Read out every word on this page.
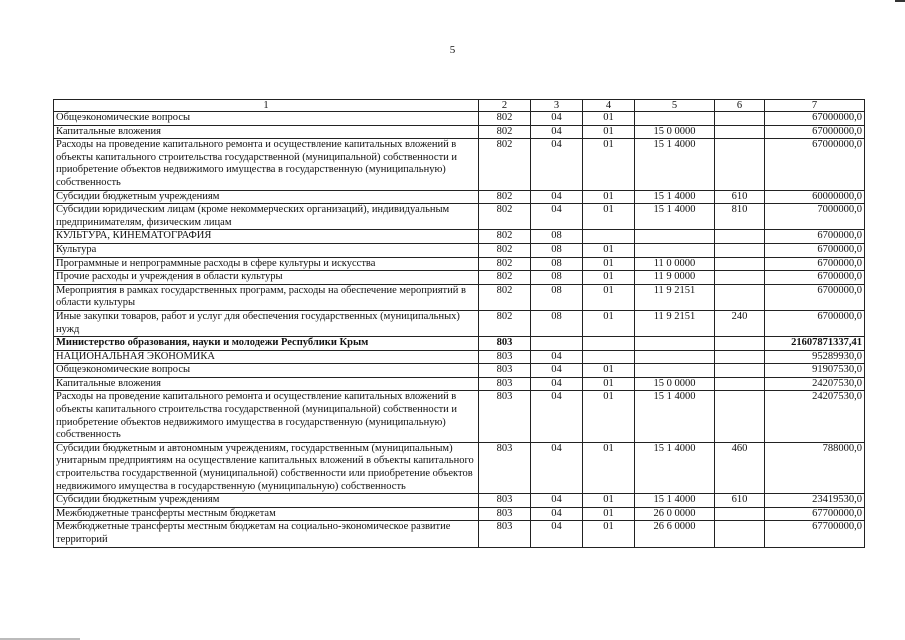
5
1	2	3	4	5	6	7
Общеэкономические вопросы	802	04	01			67000000,0
Капитальные вложения	802	04	01	15 0 0000		67000000,0
Расходы на проведение капитального ремонта и осуществление капитальных вложений в объекты капитального строительства государственной (муниципальной) собственности и приобретение объектов недвижимого имущества в государственную (муниципальную) собственность	802	04	01	15 1 4000		67000000,0
Субсидии бюджетным учреждениям	802	04	01	15 1 4000	610	60000000,0
Субсидии юридическим лицам (кроме некоммерческих организаций), индивидуальным предпринимателям, физическим лицам	802	04	01	15 1 4000	810	7000000,0
КУЛЬТУРА, КИНЕМАТОГРАФИЯ	802	08				6700000,0
Культура	802	08	01			6700000,0
Программные и непрограммные расходы в сфере культуры и искусства	802	08	01	11 0 0000		6700000,0
Прочие расходы и учреждения в области культуры	802	08	01	11 9 0000		6700000,0
Мероприятия в рамках государственных программ, расходы на обеспечение мероприятий в области культуры	802	08	01	11 9 2151		6700000,0
Иные закупки товаров, работ и услуг для обеспечения государственных (муниципальных) нужд	802	08	01	11 9 2151	240	6700000,0
Министерство образования, науки и молодежи Республики Крым	803					21607871337,41
НАЦИОНАЛЬНАЯ ЭКОНОМИКА	803	04				95289930,0
Общеэкономические вопросы	803	04	01			91907530,0
Капитальные вложения	803	04	01	15 0 0000		24207530,0
Расходы на проведение капитального ремонта и осуществление капитальных вложений в объекты капитального строительства государственной (муниципальной) собственности и приобретение объектов недвижимого имущества в государственную (муниципальную) собственность	803	04	01	15 1 4000		24207530,0
Субсидии бюджетным и автономным учреждениям, государственным (муниципальным) унитарным предприятиям на осуществление капитальных вложений в объекты капитального строительства государственной (муниципальной) собственности или приобретение объектов недвижимого имущества в государственную (муниципальную) собственность	803	04	01	15 1 4000	460	788000,0
Субсидии бюджетным учреждениям	803	04	01	15 1 4000	610	23419530,0
Межбюджетные трансферты местным бюджетам	803	04	01	26 0 0000		67700000,0
Межбюджетные трансферты местным бюджетам на социально-экономическое развитие территорий	803	04	01	26 6 0000		67700000,0
